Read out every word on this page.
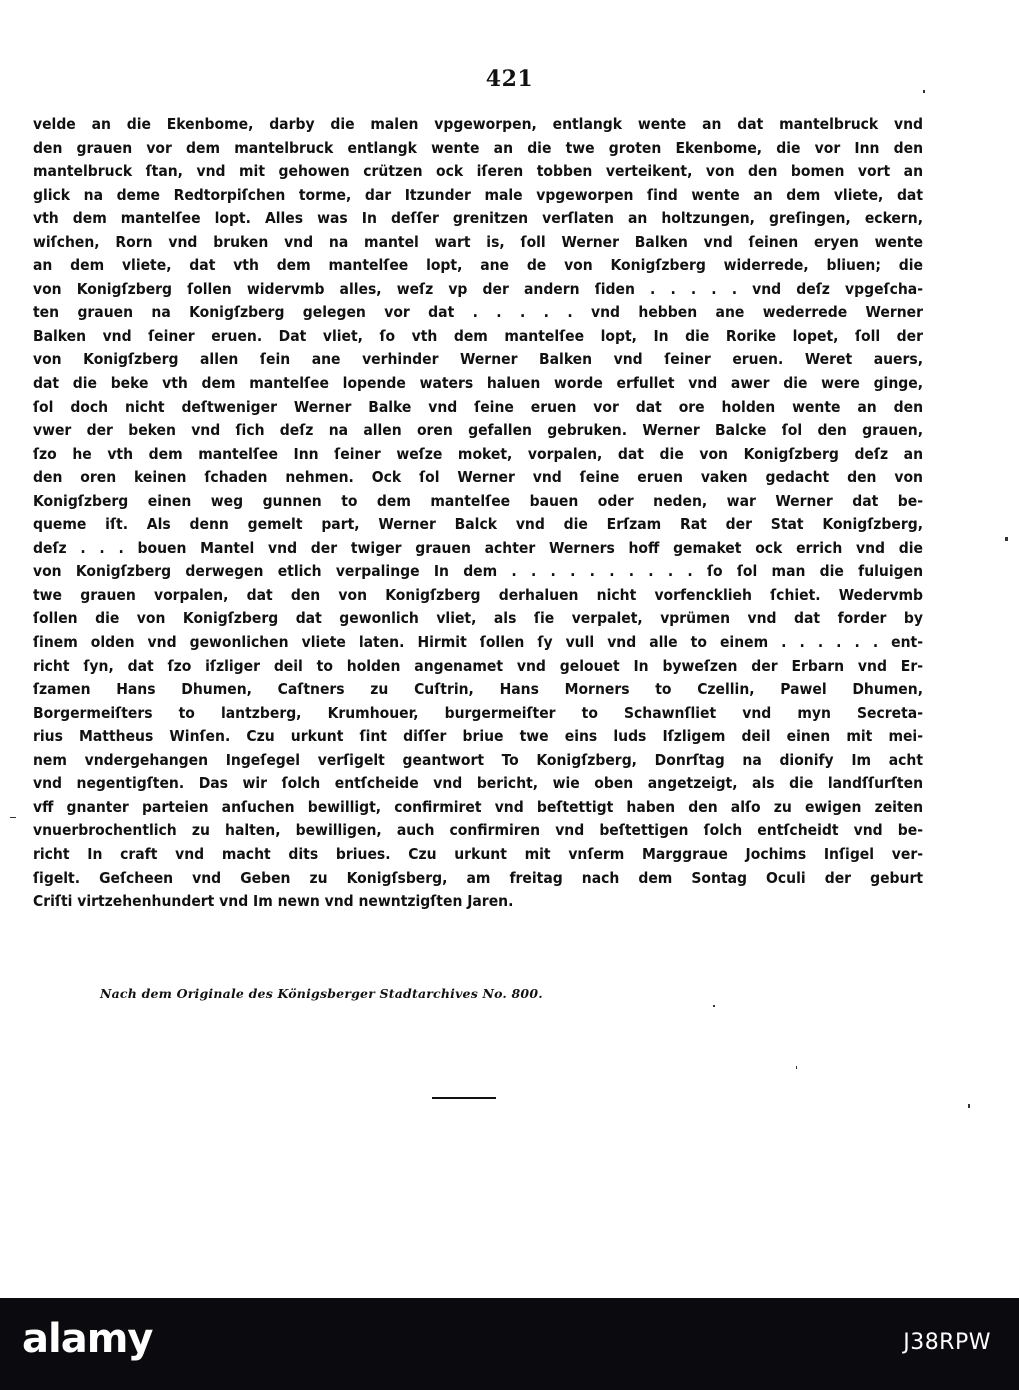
421
velde an die Ekenbome, darby die malen vpgeworpen, entlangk wente an dat mantelbruck vnd
den grauen vor dem mantelbruck entlangk wente an die twe groten Ekenbome, die vor Inn den
mantelbruck ſtan, vnd mit gehowen crützen ock iſeren tobben verteikent, von den bomen vort an
glick na deme Redtorpiſchen torme, dar Itzunder male vpgeworpen ſind wente an dem vliete, dat
vth dem mantelſee lopt. Alles was In deſſer grenitzen verſlaten an holtzungen, greſingen, eckern,
wiſchen, Rorn vnd bruken vnd na mantel wart is, ſoll Werner Balken vnd ſeinen erуen wente
an dem vliete, dat vth dem mantelſee lopt, ane de von Konigſzberg widerrede, bliuen; die
von Konigſzberg ſollen widervmb alles, weſz vp der andern ſiden . . . . . vnd deſz vpgeſcha-
ten grauen na Konigſzberg gelegen vor dat . . . . . vnd hebben ane wederrede Werner
Balken vnd ſeiner eruen. Dat vliet, ſo vth dem mantelſee lopt, In die Rorike lopet, ſoll der
von Konigſzberg allen ſein ane verhinder Werner Balken vnd ſeiner eruen. Weret auers,
dat die beke vth dem mantelſee lopende waters haluen worde erfullet vnd awer die were ginge,
ſol doch nicht deſtweniger Werner Balke vnd ſeine eruen vor dat ore holden wente an den
vwer der beken vnd ſich deſz na allen oren gefallen gebruken. Werner Balcke ſol den grauen,
ſzo he vth dem mantelſee Inn ſeiner weſze moket, vorpalen, dat die von Konigſzberg deſz an
den oren keinen ſchaden nehmen. Ock ſol Werner vnd ſeine eruen vaken gedacht den von
Konigſzberg einen weg gunnen to dem mantelſee bauen oder neden, war Werner dat be-
queme iſt. Als denn gemelt part, Werner Balck vnd die Erſzam Rat der Stat Konigſzberg,
deſz . . . bouen Mantel vnd der twiger grauen achter Werners hoff gemaket ock errich vnd die
von Konigſzberg derwegen etlich verpalinge In dem . . . . . . . . . . ſo ſol man die fuluigen
twe grauen vorpalen, dat den von Konigſzberg derhaluen nicht vorfencklieh ſchiet. Wedervmb
ſollen die von Konigſzberg dat gewonlich vliet, als ſie verpalet, vprümen vnd dat forder by
ſinem olden vnd gewonlichen vliete laten. Hirmit ſollen ſy vull vnd alle to einem . . . . . . ent-
richt ſyn, dat ſzo iſzliger deil to holden angenamet vnd gelouet In byweſzen der Erbarn vnd Er-
ſzamen Hans Dhumen, Caſtners zu Cuſtrin, Hans Morners to Czellin, Pawel Dhumen,
Borgermeiſters to lantzberg, Krumhouer, burgermeiſter to Schawnſliet vnd myn Secreta-
rius Mattheus Winſen. Czu urkunt ſint diſſer briue twe eins luds Iſzligem deil einen mit mei-
nem vndergehangen Ingeſegel verſigelt geantwort To Konigſzberg, Donrſtag na dionify Im acht
vnd negentigſten. Das wir ſolch entſcheide vnd bericht, wie oben angetzeigt, als die landſſurſten
vff gnanter parteien anſuchen bewilligt, confirmiret vnd beſtettigt haben den alſo zu ewigen zeiten
vnuerbrochentlich zu halten, bewilligen, auch confirmiren vnd beſtettigen ſolch entſcheidt vnd be-
richt In craft vnd macht dits briues. Czu urkunt mit vnſerm Marggraue Jochims Inſigel ver-
ſigelt. Geſcheen vnd Geben zu Konigſsberg, am freitag nach dem Sontag Oculi der geburt
Criſti virtzehenhundert vnd Im newn vnd newntzigſten Jaren.
Nach dem Originale des Königsberger Stadtarchives No. 800.
alamy	J38RPW
